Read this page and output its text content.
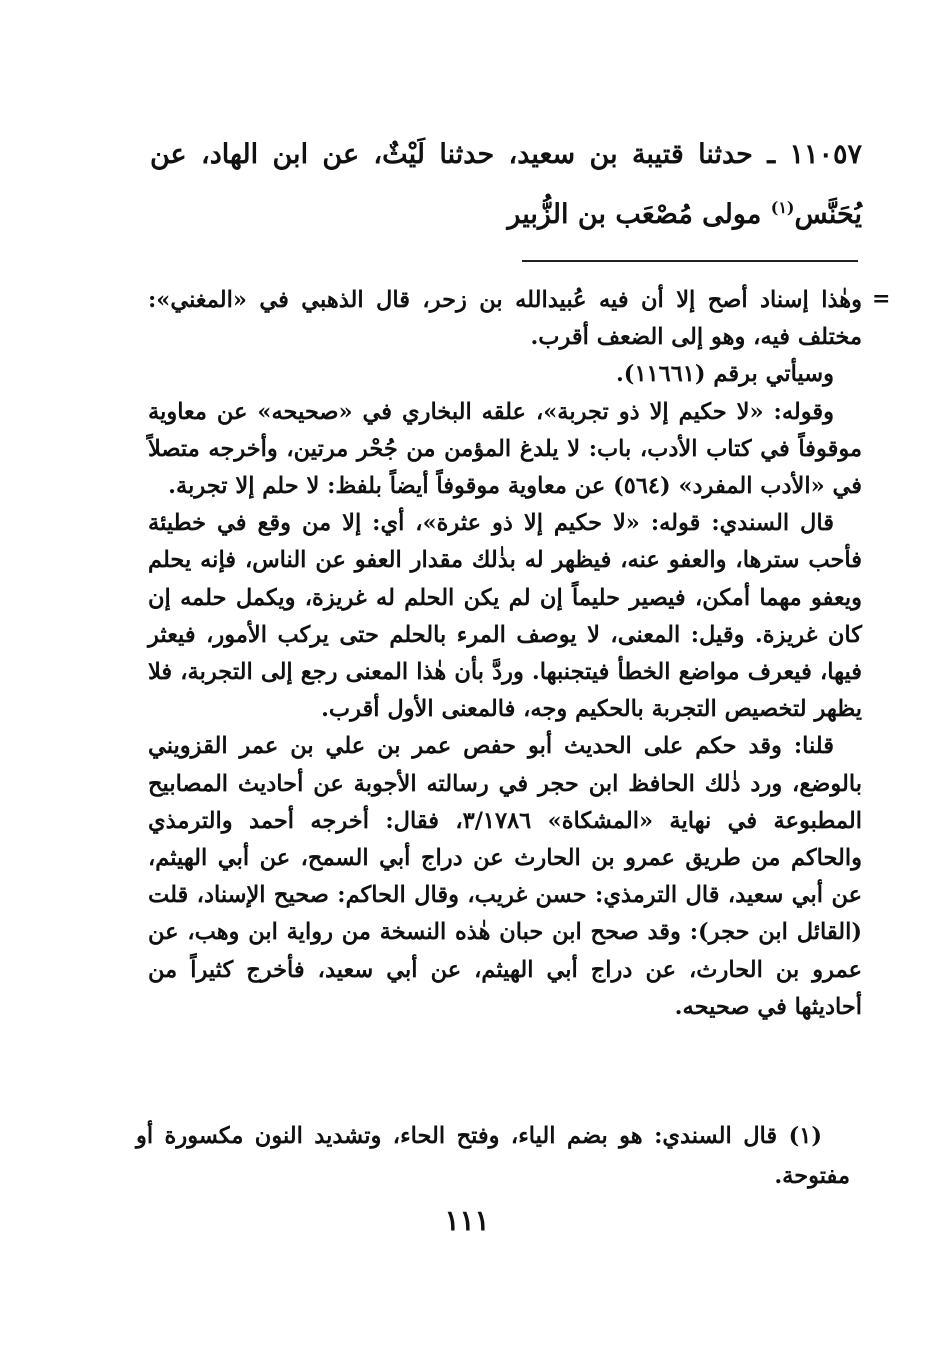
١١٠٥٧ ـ حدثنا قتيبة بن سعيد، حدثنا لَيْثٌ، عن ابن الهاد، عن يُحَنَّس$^{(١)}$ مولى مُصْعَب بن الزُّبير
=

وهٰذا إسناد أصح إلا أن فيه عُبيدالله بن زحر، قال الذهبي في «المغني»: مختلف فيه، وهو إلى الضعف أقرب.

وسيأتي برقم (١١٦٦١).

وقوله: «لا حكيم إلا ذو تجربة»، علقه البخاري في «صحيحه» عن معاوية موقوفاً في كتاب الأدب، باب: لا يلدغ المؤمن من جُحْر مرتين، وأخرجه متصلاً في «الأدب المفرد» (٥٦٤) عن معاوية موقوفاً أيضاً بلفظ: لا حلم إلا تجربة.

قال السندي: قوله: «لا حكيم إلا ذو عثرة»، أي: إلا من وقع في خطيئة فأحب سترها، والعفو عنه، فيظهر له بذٰلك مقدار العفو عن الناس، فإنه يحلم ويعفو مهما أمكن، فيصير حليماً إن لم يكن الحلم له غريزة، ويكمل حلمه إن كان غريزة. وقيل: المعنى، لا يوصف المرء بالحلم حتى يركب الأمور، فيعثر فيها، فيعرف مواضع الخطأ فيتجنبها. وردَّ بأن هٰذا المعنى رجع إلى التجربة، فلا يظهر لتخصيص التجربة بالحكيم وجه، فالمعنى الأول أقرب.

قلنا: وقد حكم على الحديث أبو حفص عمر بن علي بن عمر القزويني بالوضع، ورد ذٰلك الحافظ ابن حجر في رسالته الأجوبة عن أحاديث المصابيح المطبوعة في نهاية «المشكاة» ٣/١٧٨٦، فقال: أخرجه أحمد والترمذي والحاكم من طريق عمرو بن الحارث عن دراج أبي السمح، عن أبي الهيثم، عن أبي سعيد، قال الترمذي: حسن غريب، وقال الحاكم: صحيح الإسناد، قلت (القائل ابن حجر): وقد صحح ابن حبان هٰذه النسخة من رواية ابن وهب، عن عمرو بن الحارث، عن دراج أبي الهيثم، عن أبي سعيد، فأخرج كثيراً من أحاديثها في صحيحه.

(١) قال السندي: هو بضم الياء، وفتح الحاء، وتشديد النون مكسورة أو مفتوحة.

١١١
